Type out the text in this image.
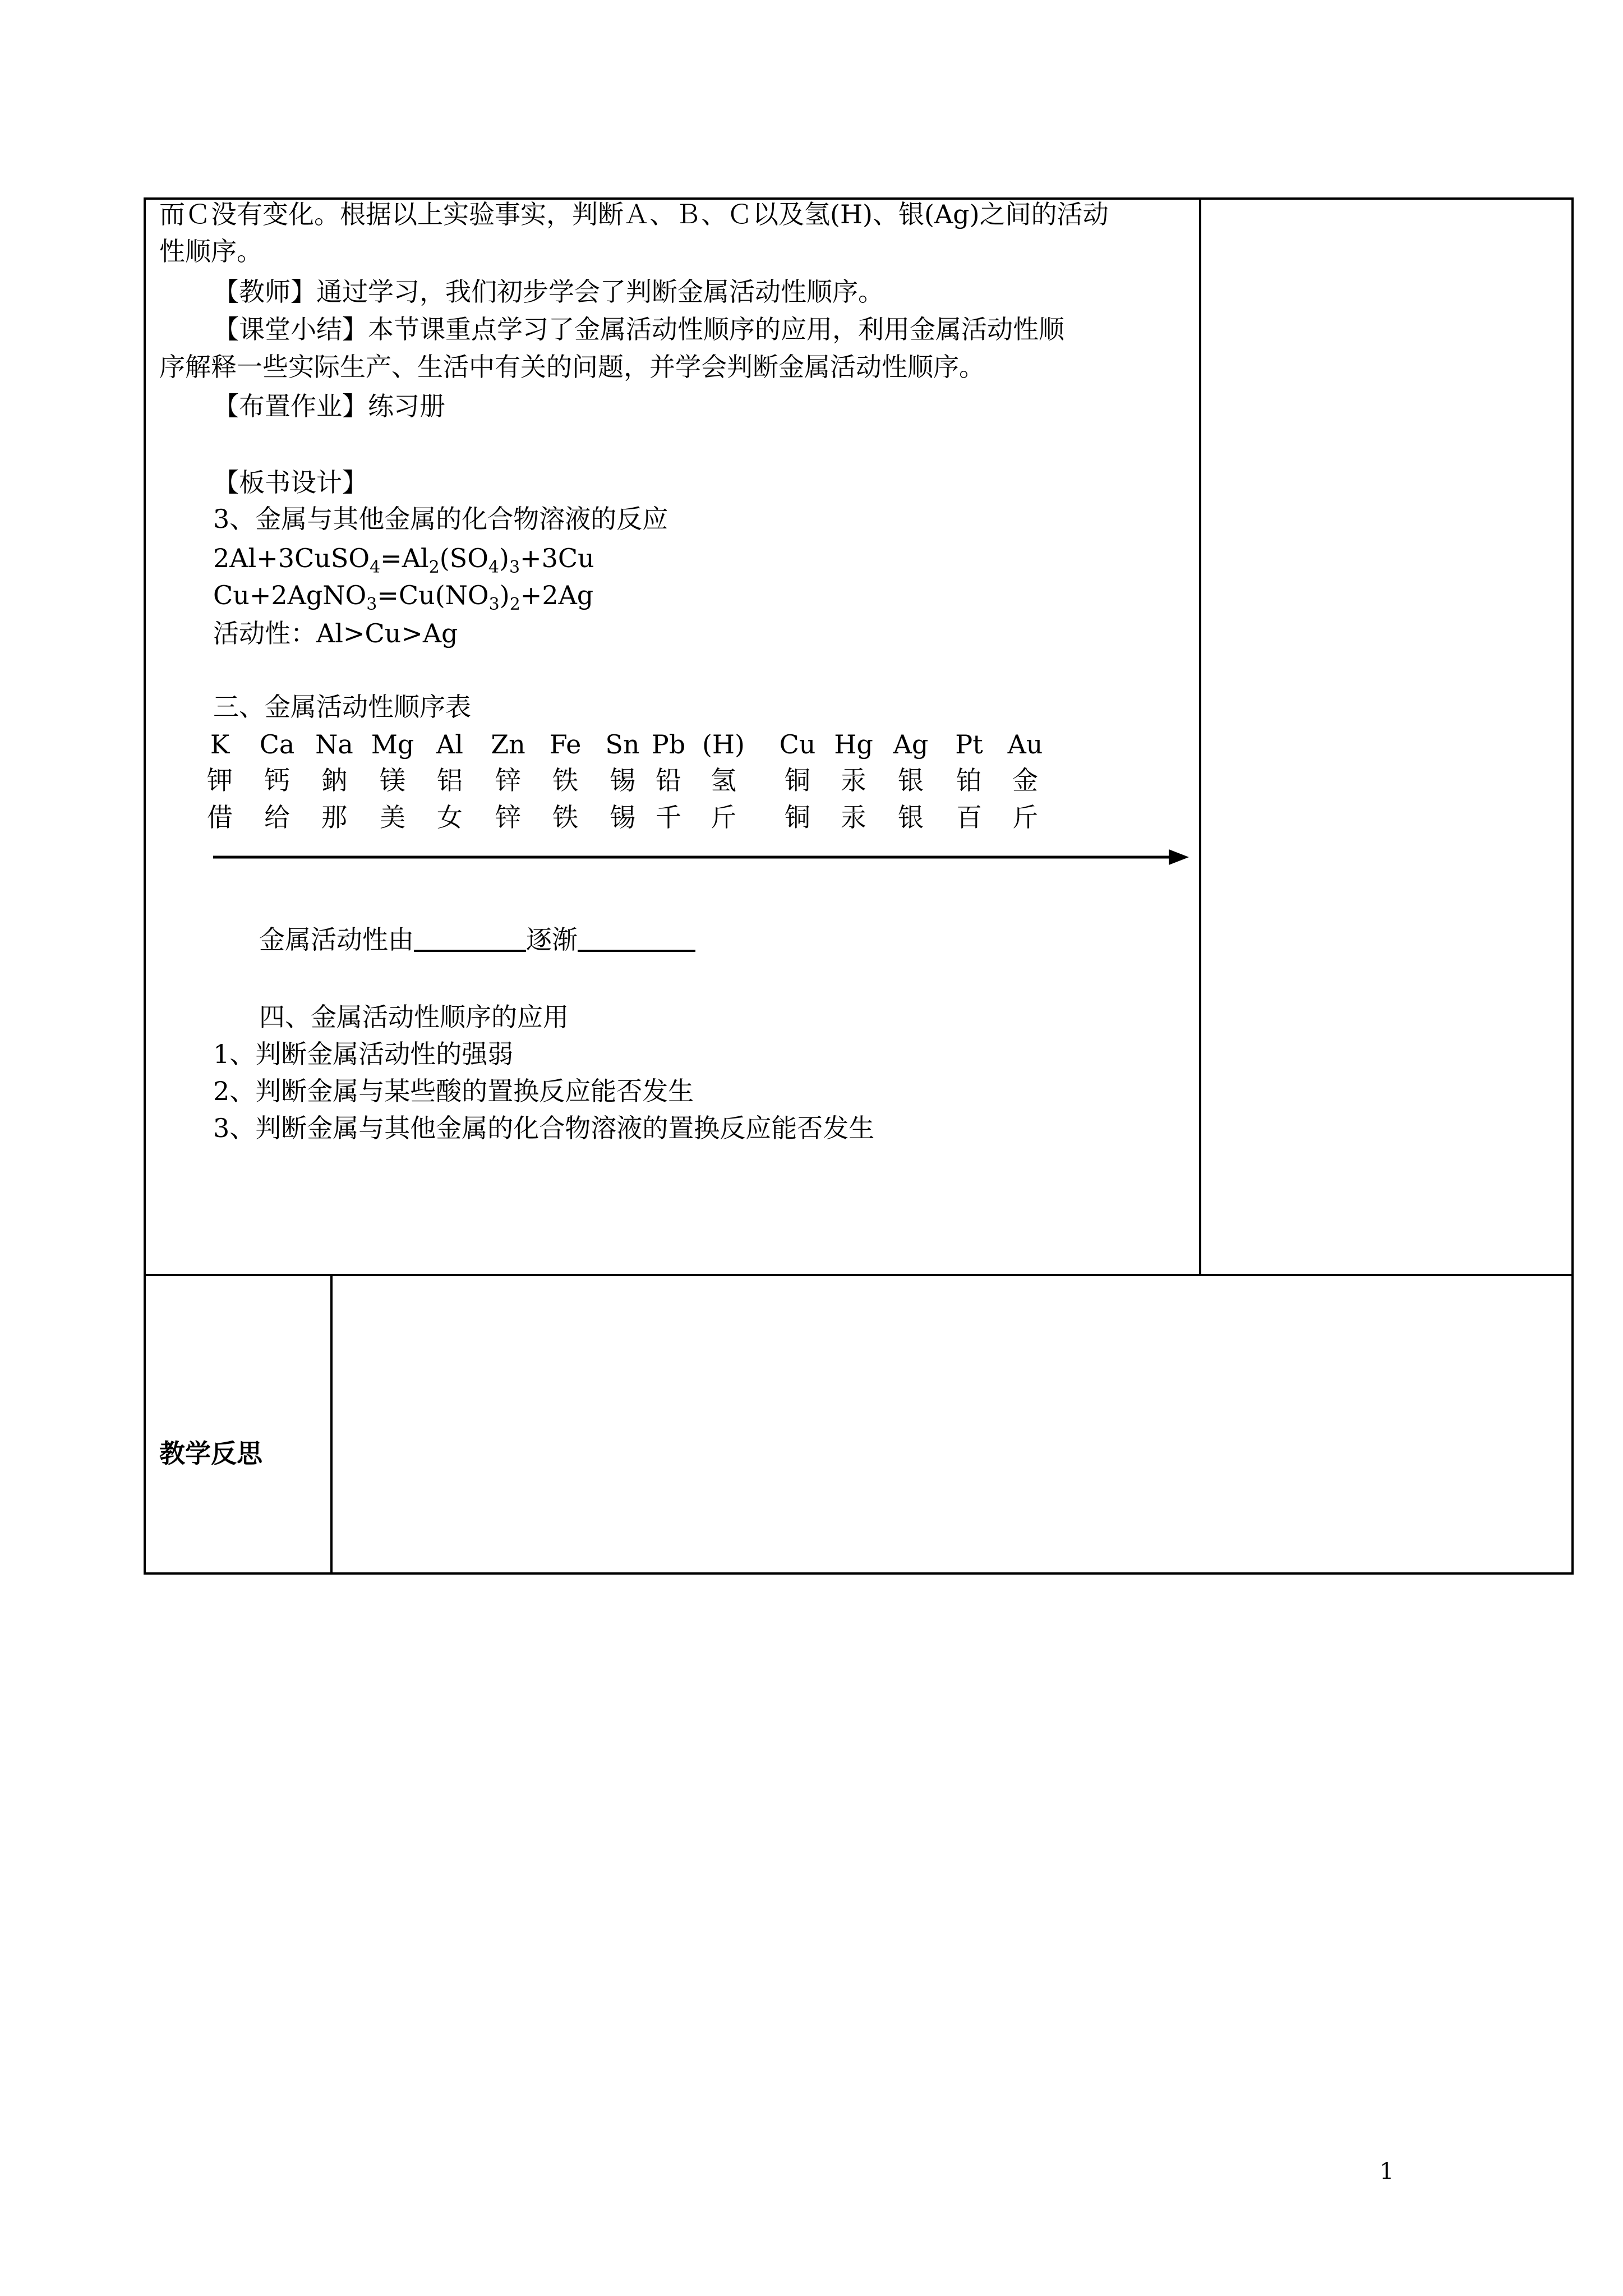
而Ｃ没有变化。根据以上实验事实，判断Ａ、Ｂ、Ｃ以及氢(H)、银(Ag)之间的活动
性顺序。
【教师】通过学习，我们初步学会了判断金属活动性顺序。
【课堂小结】本节课重点学习了金属活动性顺序的应用，利用金属活动性顺
序解释一些实际生产、生活中有关的问题，并学会判断金属活动性顺序。
【布置作业】练习册
【板书设计】
3、金属与其他金属的化合物溶液的反应
$2Al+3CuSO_4=Al_2(SO_4)_3+3Cu$
$Cu+2AgNO_3=Cu(NO_3)_2+2Ag$
活动性：Al>Cu>Ag
三、金属活动性顺序表
K	Ca Na Mg Al	Zn Fe Sn Pb (H)	Cu Hg Ag	Pt Au
钾	钙	鈉	镁	铝	锌	铁	锡 铅	氢	铜	汞	银	铂	金
借	给	那	美	女	锌	铁	锡 千	斤	铜	汞	银	百	斤
金属活动性由	逐渐
四、金属活动性顺序的应用
1、判断金属活动性的强弱
2、判断金属与某些酸的置换反应能否发生
3、判断金属与其他金属的化合物溶液的置换反应能否发生
教学反思
1
